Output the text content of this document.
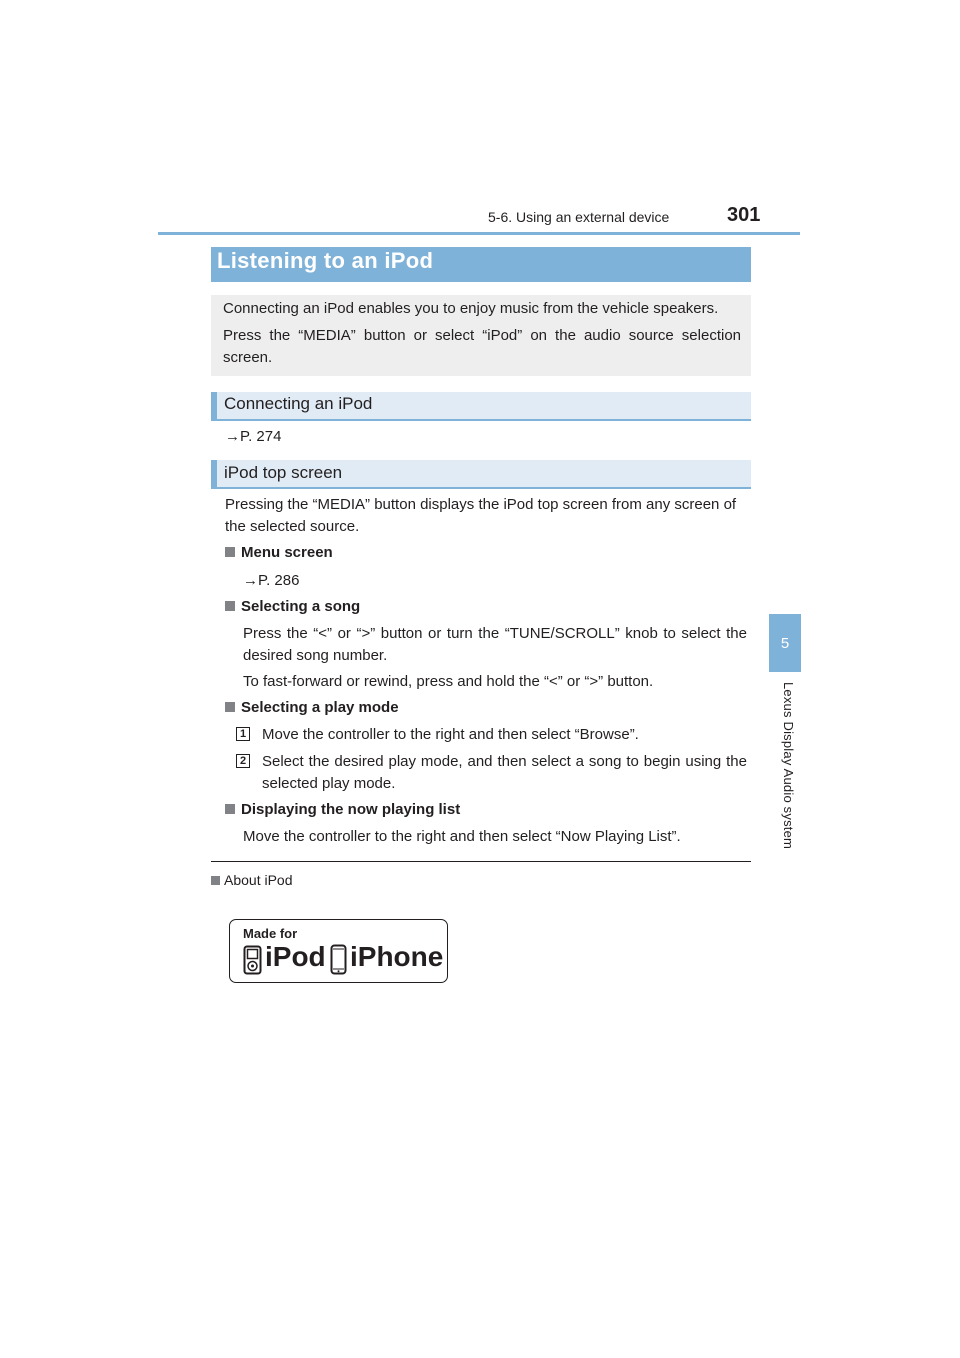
5-6. Using an external device	301
5
Lexus Display Audio system
Listening to an iPod
Connecting an iPod enables you to enjoy music from the vehicle speakers.
Press the “MEDIA” button or select “iPod” on the audio source selection screen.
Connecting an iPod
→P. 274
iPod top screen
Pressing the “MEDIA” button displays the iPod top screen from any screen of the selected source.
Menu screen
→P. 286
Selecting a song
Press the “<” or “>” button or turn the “TUNE/SCROLL” knob to select the desired song number.
To fast-forward or rewind, press and hold the “<” or “>” button.
Selecting a play mode
1 Move the controller to the right and then select “Browse”.
2 Select the desired play mode, and then select a song to begin using the selected play mode.
Displaying the now playing list
Move the controller to the right and then select “Now Playing List”.
About iPod
Made for
iPod iPhone
